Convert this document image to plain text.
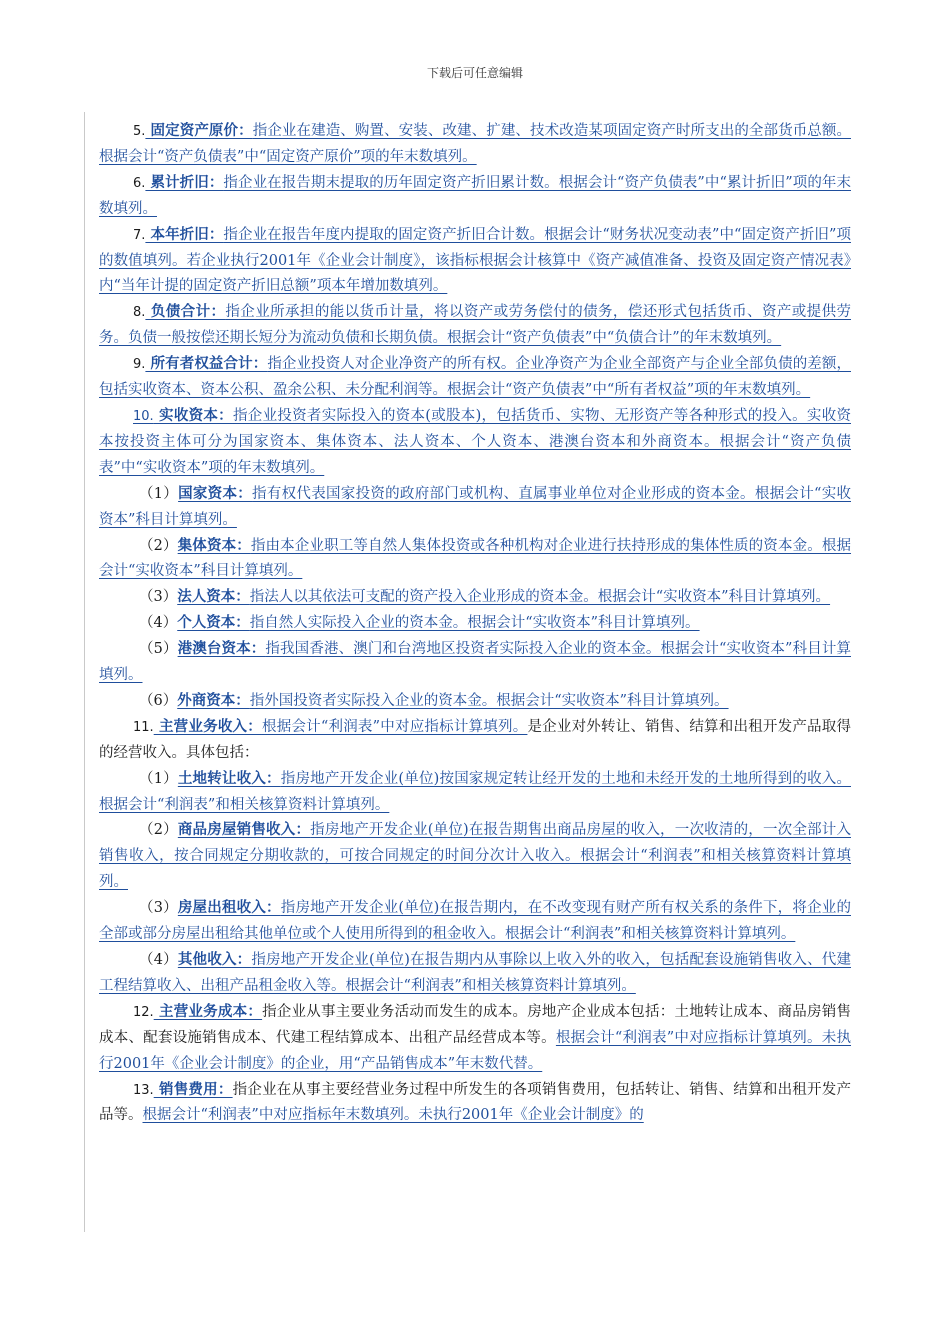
下载后可任意编辑

5. 固定资产原价：指企业在建造、购置、安装、改建、扩建、技术改造某项固定资产时所支出的全部货币总额。根据会计“资产负债表”中“固定资产原价”项的年末数填列。

6. 累计折旧：指企业在报告期末提取的历年固定资产折旧累计数。根据会计“资产负债表”中“累计折旧”项的年末数填列。

7. 本年折旧：指企业在报告年度内提取的固定资产折旧合计数。根据会计“财务状况变动表”中“固定资产折旧”项的数值填列。若企业执行2001年《企业会计制度》，该指标根据会计核算中《资产减值准备、投资及固定资产情况表》内“当年计提的固定资产折旧总额”项本年增加数填列。

8. 负债合计：指企业所承担的能以货币计量，将以资产或劳务偿付的债务，偿还形式包括货币、资产或提供劳务。负债一般按偿还期长短分为流动负债和长期负债。根据会计“资产负债表”中“负债合计”的年末数填列。

9. 所有者权益合计：指企业投资人对企业净资产的所有权。企业净资产为企业全部资产与企业全部负债的差额，包括实收资本、资本公积、盈余公积、未分配利润等。根据会计“资产负债表”中“所有者权益”项的年末数填列。

10. 实收资本：指企业投资者实际投入的资本(或股本)，包括货币、实物、无形资产等各种形式的投入。实收资本按投资主体可分为国家资本、集体资本、法人资本、个人资本、港澳台资本和外商资本。根据会计“资产负债表”中“实收资本”项的年末数填列。

（1）国家资本：指有权代表国家投资的政府部门或机构、直属事业单位对企业形成的资本金。根据会计“实收资本”科目计算填列。

（2）集体资本：指由本企业职工等自然人集体投资或各种机构对企业进行扶持形成的集体性质的资本金。根据会计“实收资本”科目计算填列。

（3）法人资本：指法人以其依法可支配的资产投入企业形成的资本金。根据会计“实收资本”科目计算填列。

（4）个人资本：指自然人实际投入企业的资本金。根据会计“实收资本”科目计算填列。

（5）港澳台资本：指我国香港、澳门和台湾地区投资者实际投入企业的资本金。根据会计“实收资本”科目计算填列。

（6）外商资本：指外国投资者实际投入企业的资本金。根据会计“实收资本”科目计算填列。

11. 主营业务收入：根据会计“利润表”中对应指标计算填列。是企业对外转让、销售、结算和出租开发产品取得的经营收入。具体包括：

（1）土地转让收入：指房地产开发企业(单位)按国家规定转让经开发的土地和未经开发的土地所得到的收入。根据会计“利润表”和相关核算资料计算填列。

（2）商品房屋销售收入：指房地产开发企业(单位)在报告期售出商品房屋的收入，一次收清的，一次全部计入销售收入，按合同规定分期收款的，可按合同规定的时间分次计入收入。根据会计“利润表”和相关核算资料计算填列。

（3）房屋出租收入：指房地产开发企业(单位)在报告期内，在不改变现有财产所有权关系的条件下，将企业的全部或部分房屋出租给其他单位或个人使用所得到的租金收入。根据会计“利润表”和相关核算资料计算填列。

（4）其他收入：指房地产开发企业(单位)在报告期内从事除以上收入外的收入，包括配套设施销售收入、代建工程结算收入、出租产品租金收入等。根据会计“利润表”和相关核算资料计算填列。

12. 主营业务成本：指企业从事主要业务活动而发生的成本。房地产企业成本包括：土地转让成本、商品房销售成本、配套设施销售成本、代建工程结算成本、出租产品经营成本等。根据会计“利润表”中对应指标计算填列。未执行2001年《企业会计制度》的企业，用“产品销售成本”年末数代替。

13. 销售费用：指企业在从事主要经营业务过程中所发生的各项销售费用，包括转让、销售、结算和出租开发产品等。根据会计“利润表”中对应指标年末数填列。未执行2001年《企业会计制度》的
